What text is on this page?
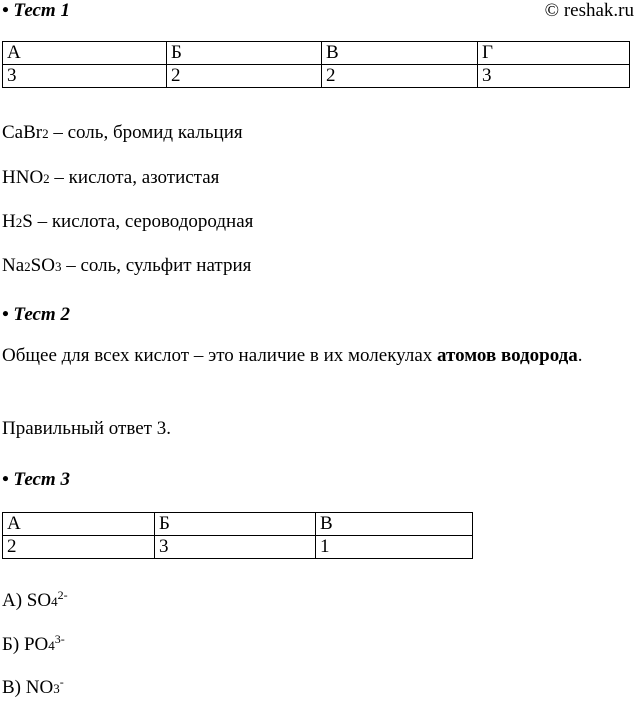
• Тест 1	© reshak.ru
А	Б	В	Г
3	2	2	3
CaBr2 – соль, бромид кальция
HNO2 – кислота, азотистая
H2S – кислота, сероводородная
Na2SO3 – соль, сульфит натрия
• Тест 2
Общее для всех кислот – это наличие в их молекулах атомов водорода.
Правильный ответ 3.
• Тест 3
А	Б	В
2	3	1
А) $SO4^{2-}$
Б) $PO4^{3-}$
В) NO3-
